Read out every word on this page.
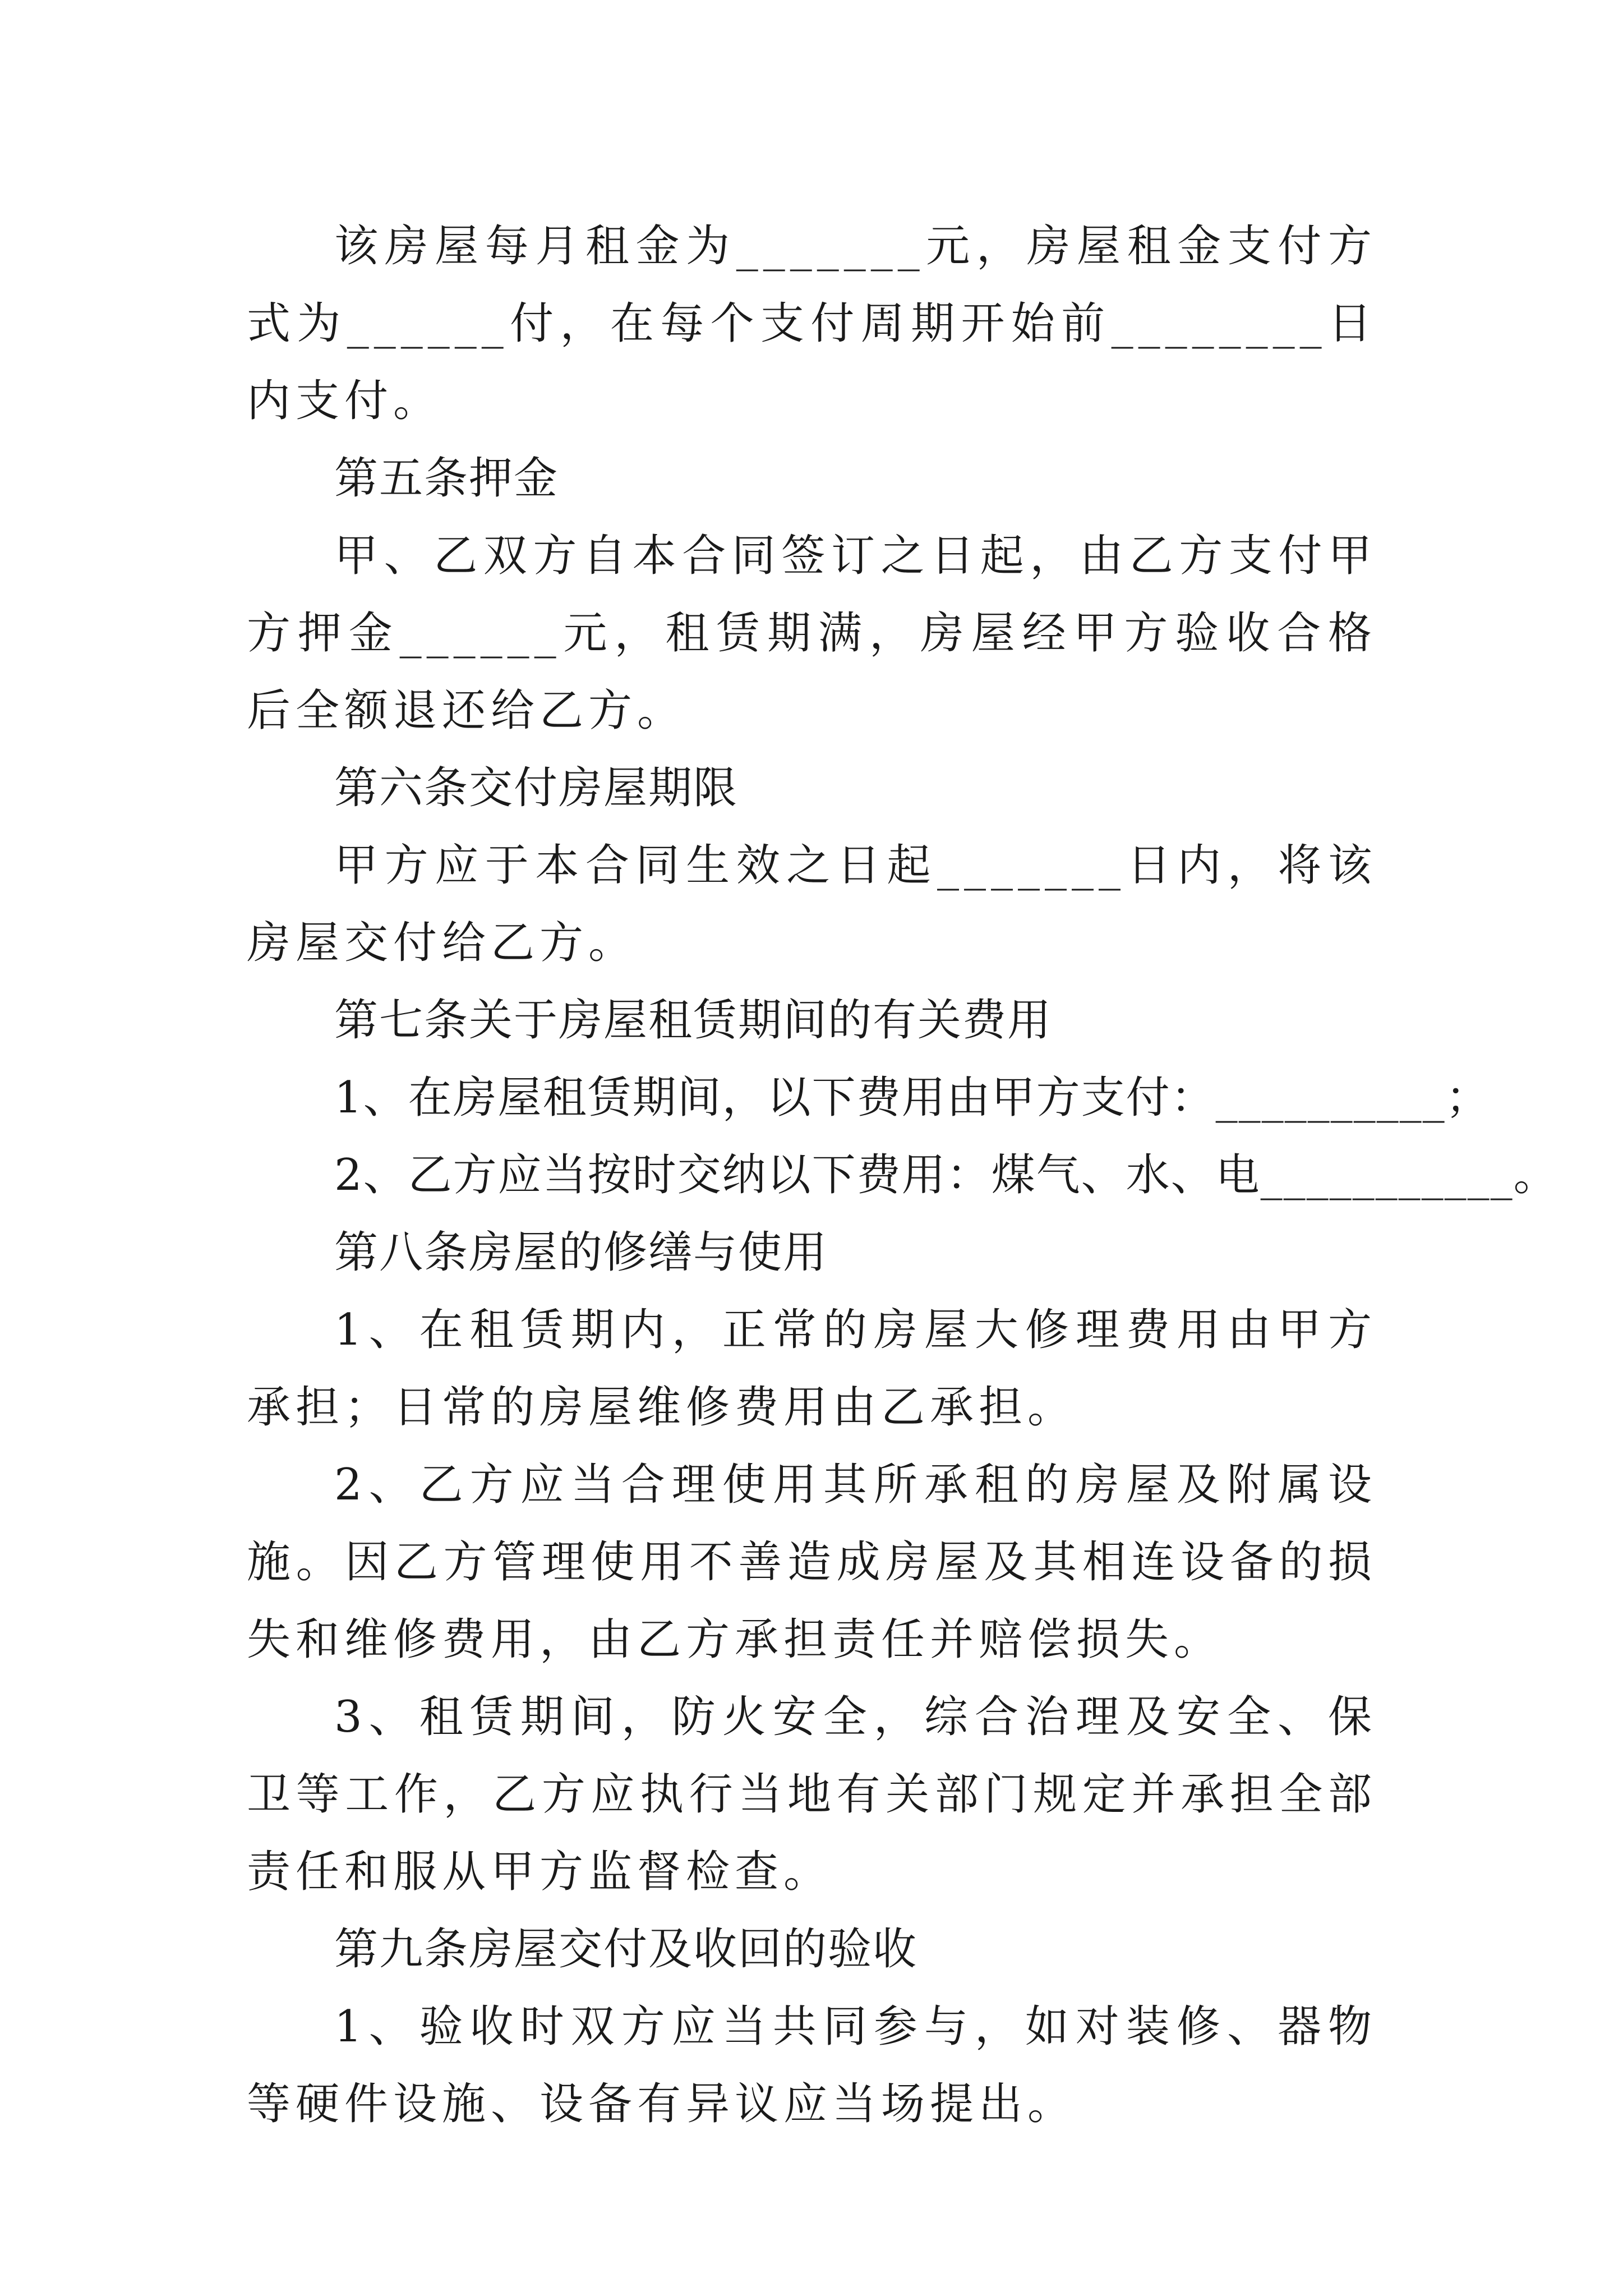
该房屋每月租金为_______元，房屋租金支付方式为______付，在每个支付周期开始前________日内支付。

第五条押金

甲、乙双方自本合同签订之日起，由乙方支付甲方押金______元，租赁期满，房屋经甲方验收合格后全额退还给乙方。

第六条交付房屋期限

甲方应于本合同生效之日起_______日内，将该房屋交付给乙方。

第七条关于房屋租赁期间的有关费用

1、在房屋租赁期间，以下费用由甲方支付：__________；

2、乙方应当按时交纳以下费用：煤气、水、电___________。

第八条房屋的修缮与使用

1、在租赁期内，正常的房屋大修理费用由甲方承担；日常的房屋维修费用由乙承担。

2、乙方应当合理使用其所承租的房屋及附属设施。因乙方管理使用不善造成房屋及其相连设备的损失和维修费用，由乙方承担责任并赔偿损失。

3、租赁期间，防火安全，综合治理及安全、保卫等工作，乙方应执行当地有关部门规定并承担全部责任和服从甲方监督检查。

第九条房屋交付及收回的验收

1、验收时双方应当共同参与，如对装修、器物等硬件设施、设备有异议应当场提出。
